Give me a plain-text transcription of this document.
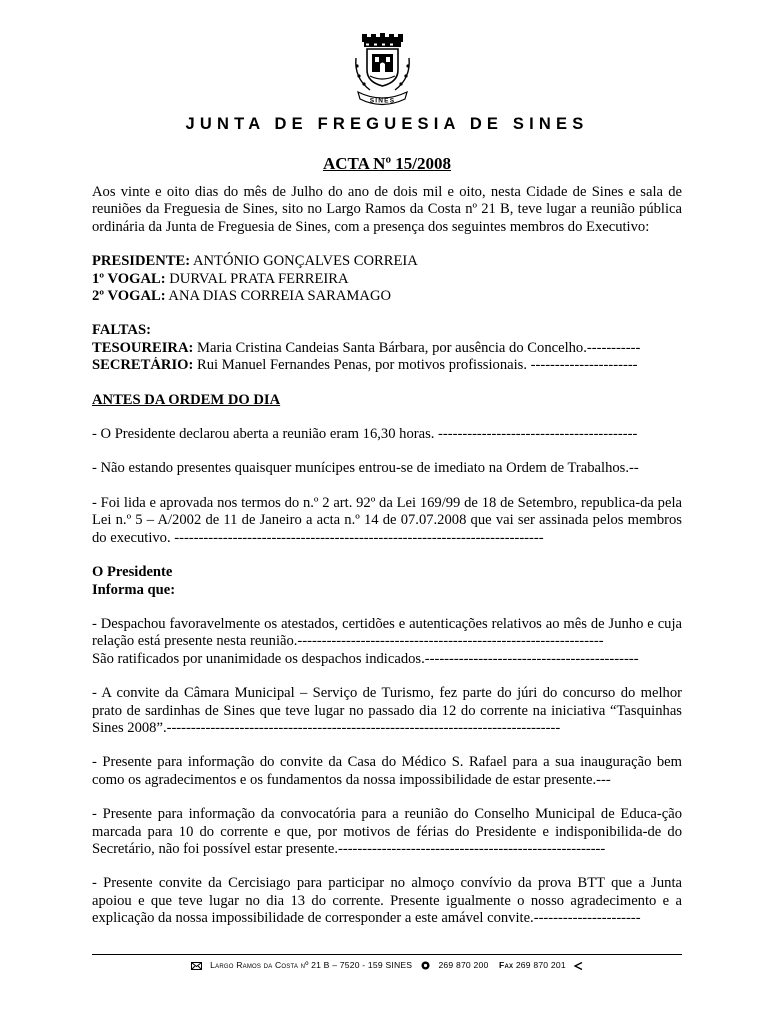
SINES
JUNTA DE FREGUESIA DE SINES
ACTA Nº 15/2008

Aos vinte e oito dias do mês de Julho do ano de dois mil e oito, nesta Cidade de Sines e sala de reuniões da Freguesia de Sines, sito no Largo Ramos da Costa nº 21 B, teve lugar a reunião pública ordinária da Junta de Freguesia de Sines, com a presença dos seguintes membros do Executivo:

PRESIDENTE: ANTÓNIO GONÇALVES CORREIA
1º VOGAL: DURVAL PRATA FERREIRA
2º VOGAL: ANA DIAS CORREIA SARAMAGO
FALTAS:
TESOUREIRA: Maria Cristina Candeias Santa Bárbara, por ausência do Concelho.-----------
SECRETÁRIO: Rui Manuel Fernandes Penas, por motivos profissionais. ----------------------
ANTES DA ORDEM DO DIA

- O Presidente declarou aberta a reunião eram 16,30 horas. -----------------------------------------

- Não estando presentes quaisquer munícipes entrou-se de imediato na Ordem de Trabalhos.--

- Foi lida e aprovada nos termos do n.º 2 art. 92º da Lei 169/99 de 18 de Setembro, republica-da pela Lei n.º 5 – A/2002 de 11 de Janeiro a acta n.º 14 de 07.07.2008 que vai ser assinada pelos membros do executivo. ----------------------------------------------------------------------------

O Presidente
Informa que:

- Despachou favoravelmente os atestados, certidões e autenticações relativos ao mês de Junho e cuja relação está presente nesta reunião.---------------------------------------------------------------

São ratificados por unanimidade os despachos indicados.--------------------------------------------

- A convite da Câmara Municipal – Serviço de Turismo, fez parte do júri do concurso do melhor prato de sardinhas de Sines que teve lugar no passado dia 12 do corrente na iniciativa “Tasquinhas Sines 2008”.---------------------------------------------------------------------------------

- Presente para informação do convite da Casa do Médico S. Rafael para a sua inauguração bem como os agradecimentos e os fundamentos da nossa impossibilidade de estar presente.---

- Presente para informação da convocatória para a reunião do Conselho Municipal de Educa-ção marcada para 10 do corrente e que, por motivos de férias do Presidente e indisponibilida-de do Secretário, não foi possível estar presente.-------------------------------------------------------

- Presente convite da Cercisiago para participar no almoço convívio da prova BTT que a Junta apoiou e que teve lugar no dia 13 do corrente. Presente igualmente o nosso agradecimento e a explicação da nossa impossibilidade de corresponder a este amável convite.----------------------

Largo Ramos da Costa nº 21 B – 7520 - 159 SINES	269 870 200 Fax 269 870 201
